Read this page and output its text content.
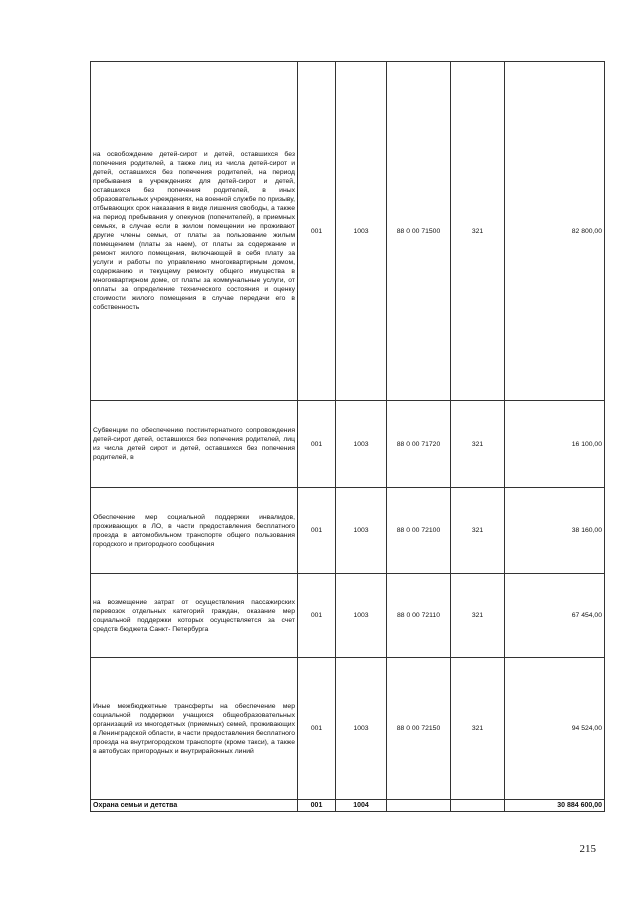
на освобождение детей-сирот и детей, оставшихся без попечения родителей, а также лиц из числа детей-сирот и детей, оставшихся без попечения родителей, на период пребывания в учреждениях для детей-сирот и детей, оставшихся без попечения родителей, в иных образовательных учреждениях, на военной службе по призыву, отбывающих срок наказания в виде лишения свободы, а также на период пребывания у опекунов (попечителей), в приемных семьях, в случае если в жилом помещении не проживают другие члены семьи, от платы за пользование жилым помещением (платы за наем), от платы за содержание и ремонт жилого помещения, включающей в себя плату за услуги и работы по управлению многоквартирным домом, содержанию и текущему ремонту общего имущества в многоквартирном доме, от платы за коммунальные услуги, от оплаты за определение технического состояния и оценку стоимости жилого помещения в случае передачи его в собственность	001	1003	88 0 00 71500	321	82 800,00
Субвенции по обеспечению постинтернатного сопровождения детей-сирот детей, оставшихся без попечения родителей, лиц из числа детей сирот и детей, оставшихся без попечения родителей, в	001	1003	88 0 00 71720	321	16 100,00
Обеспечение мер социальной поддержки инвалидов, проживающих в ЛО, в части предоставления бесплатного проезда в автомобильном транспорте общего пользования городского и пригородного сообщения	001	1003	88 0 00 72100	321	38 160,00
на возмещение затрат от осуществления пассажирских перевозок отдельных категорий граждан, оказание мер социальной поддержки которых осуществляется за счет средств бюджета Санкт- Петербурга	001	1003	88 0 00 72110	321	67 454,00
Иные межбюджетные трансферты на обеспечение мер социальной поддержки учащихся общеобразовательных организаций из многодетных (приемных) семей, проживающих в Ленинградской области, в части предоставления бесплатного проезда на внутригородском транспорте (кроме такси), а также в автобусах пригородных и внутрирайонных линий	001	1003	88 0 00 72150	321	94 524,00
Охрана семьи и детства	001	1004			30 884 600,00
215
